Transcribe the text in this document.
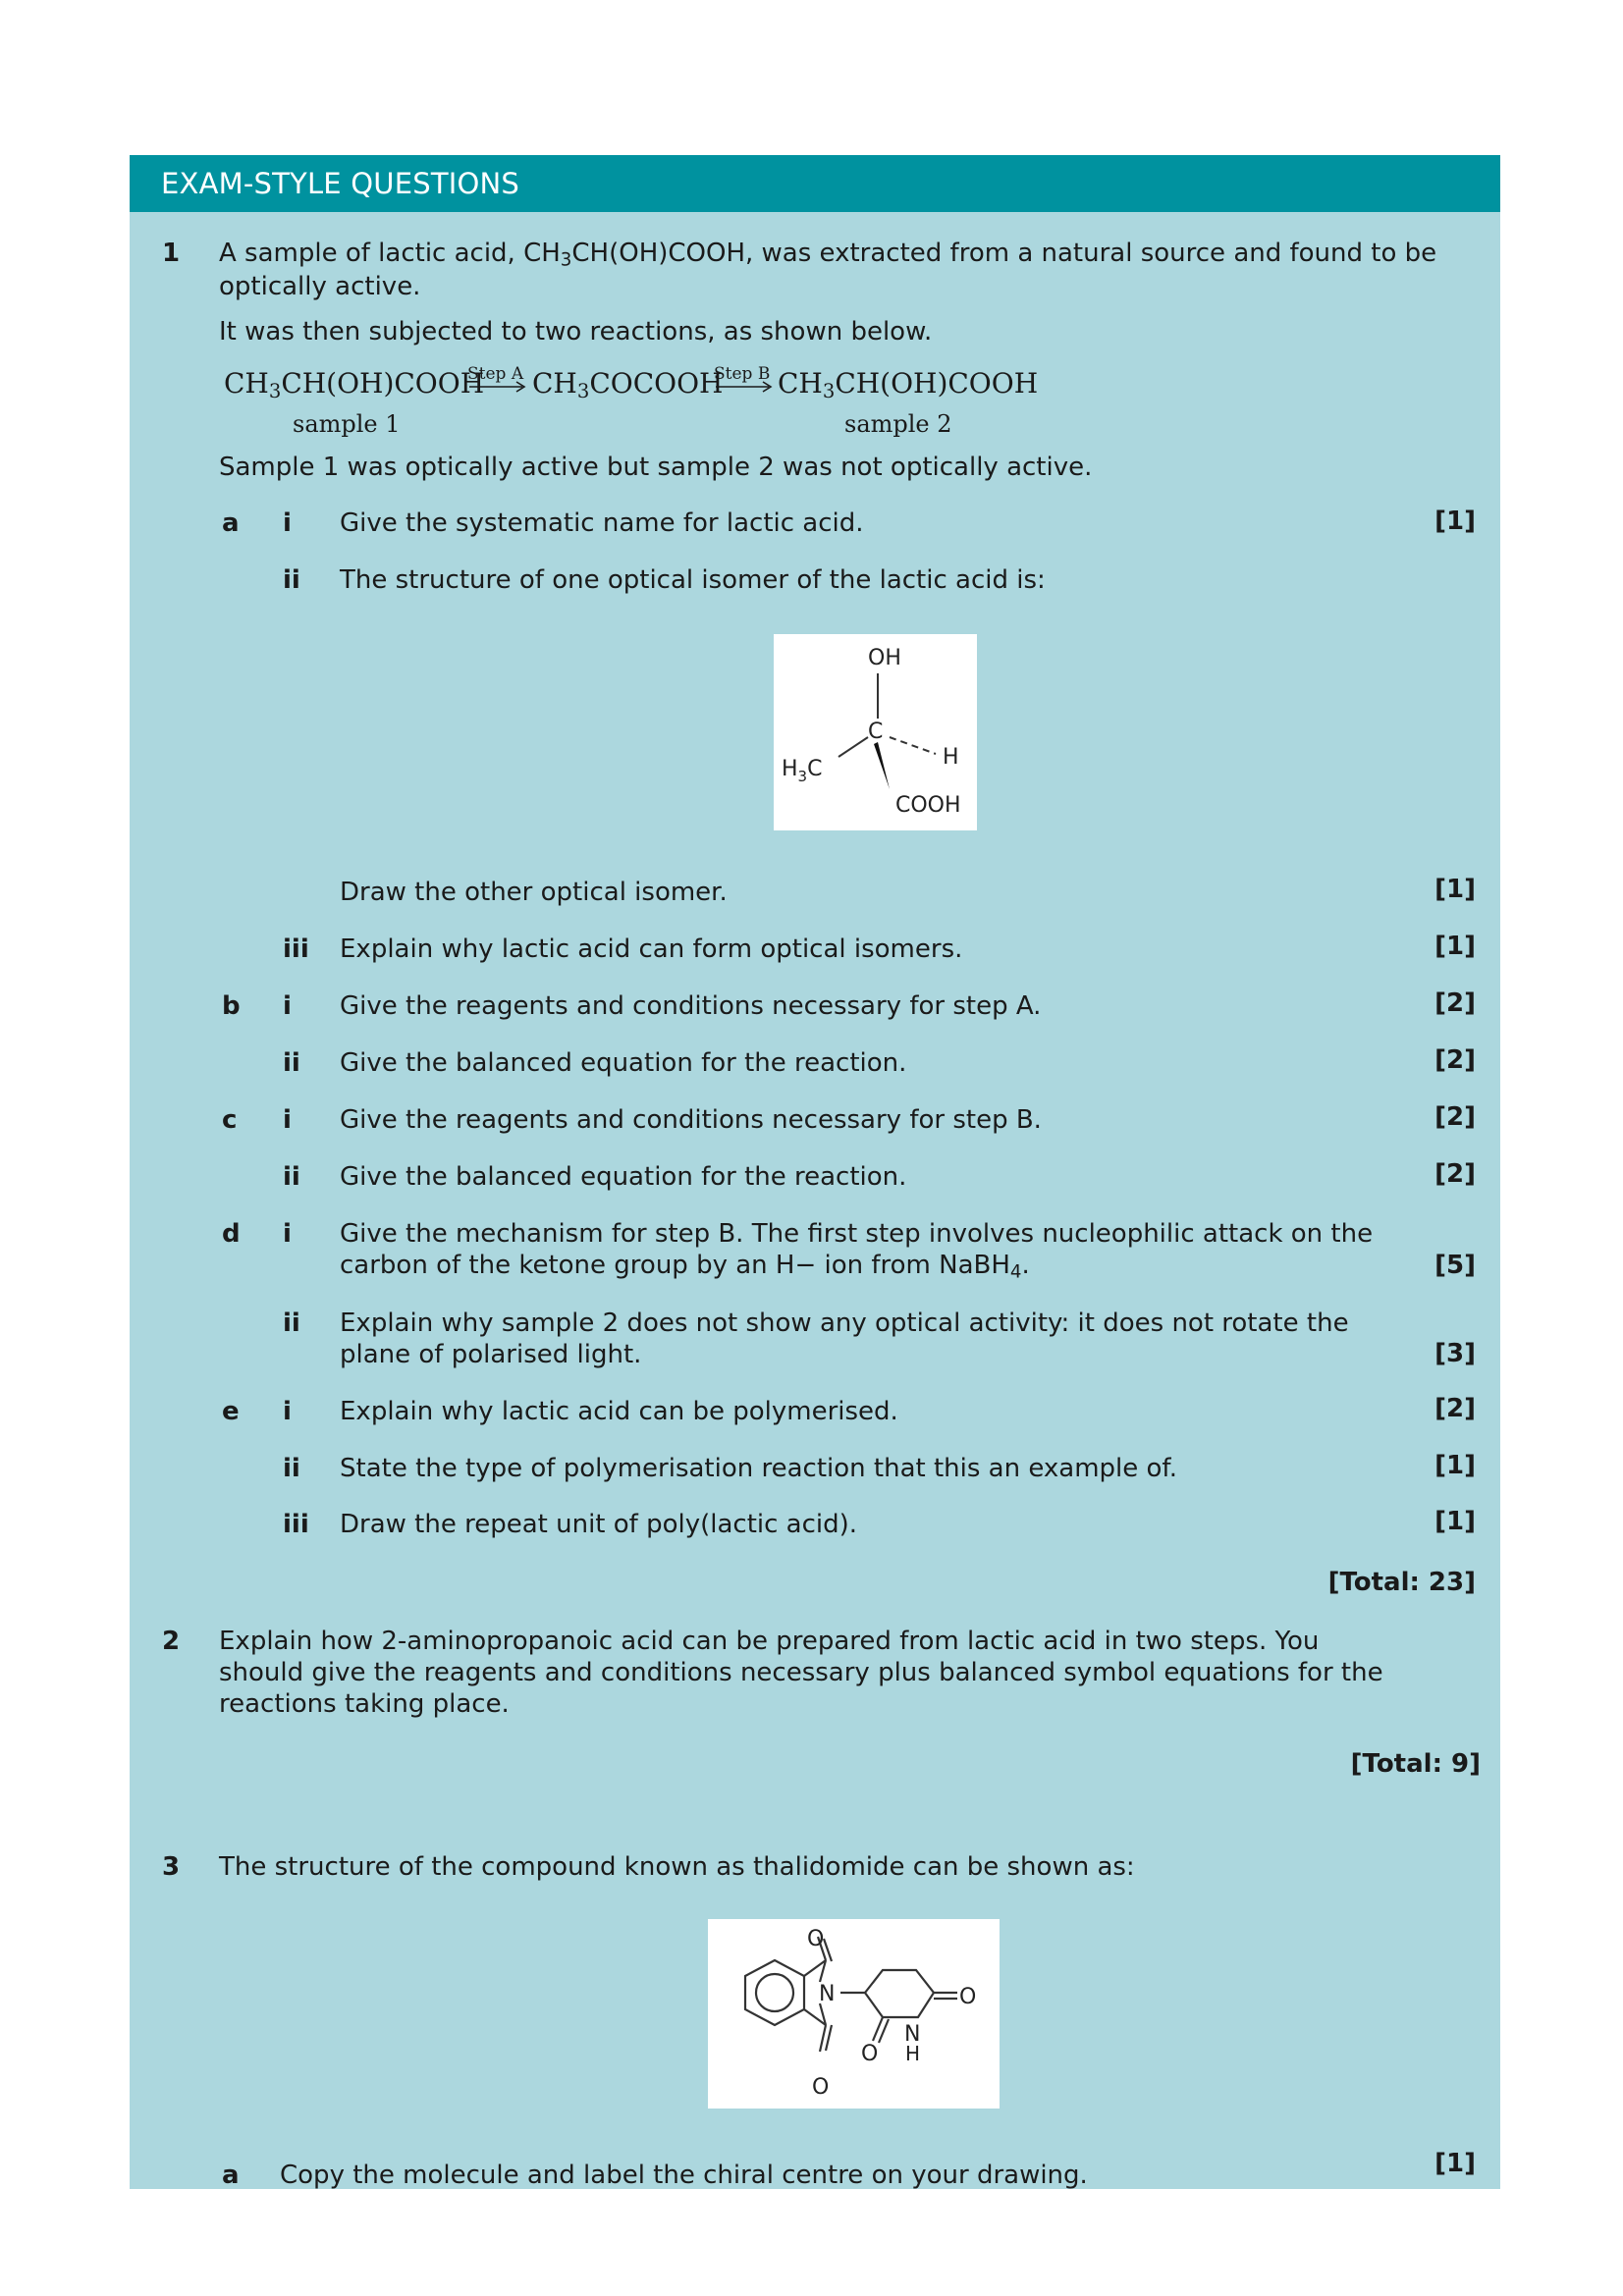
EXAM-STYLE QUESTIONS
1 A sample of lactic acid, $CH_3CH(OH)COOH$, was extracted from a natural source and found to be
optically active.
It was then subjected to two reactions, as shown below.
$CH_3CH(OH)COOH$
Step A $CH_3COCOOH$
Step B $CH_3CH(OH)COOH$
sample 1	sample 2
Sample 1 was optically active but sample 2 was not optically active.
a i Give the systematic name for lactic acid.	[1]
ii The structure of one optical isomer of the lactic acid is:
OH
C
$H_3C$	H
COOH
Draw the other optical isomer.	[1]
iii Explain why lactic acid can form optical isomers.	[1]
b i Give the reagents and conditions necessary for step A.	[2]
ii Give the balanced equation for the reaction.	[2]
c i Give the reagents and conditions necessary for step B.	[2]
ii Give the balanced equation for the reaction.	[2]
d i Give the mechanism for step B. The first step involves nucleophilic attack on the
carbon of the ketone group by an H− ion from NaBH$_4$.	[5]
ii Explain why sample 2 does not show any optical activity: it does not rotate the
plane of polarised light.	[3]
e i Explain why lactic acid can be polymerised.	[2]
ii State the type of polymerisation reaction that this an example of.	[1]
iii Draw the repeat unit of poly(lactic acid).	[1]
[Total: 23]
2 Explain how 2-aminopropanoic acid can be prepared from lactic acid in two steps. You
should give the reagents and conditions necessary plus balanced symbol equations for the
reactions taking place.
[Total: 9]
3 The structure of the compound known as thalidomide can be shown as:
O
N
O
O
O
N
H
a Copy the molecule and label the chiral centre on your drawing.	[1]
